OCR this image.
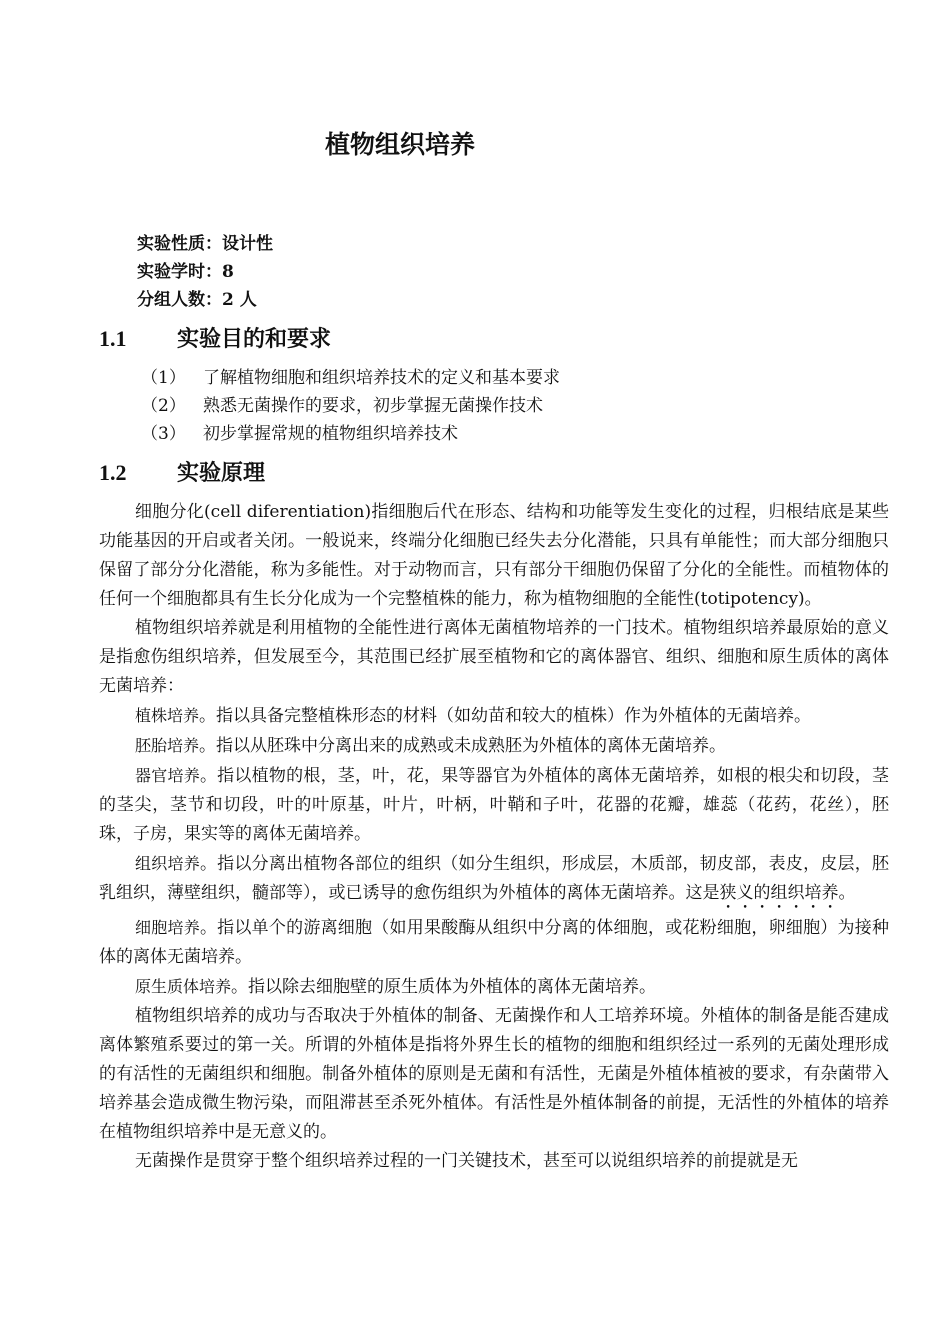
植物组织培养
实验性质：设计性
实验学时：8
分组人数：2 人
1.1 实验目的和要求
（1） 了解植物细胞和组织培养技术的定义和基本要求
（2） 熟悉无菌操作的要求，初步掌握无菌操作技术
（3） 初步掌握常规的植物组织培养技术
1.2 实验原理

细胞分化(cell diferentiation)指细胞后代在形态、结构和功能等发生变化的过程，归根结底是某些功能基因的开启或者关闭。一般说来，终端分化细胞已经失去分化潜能，只具有单能性；而大部分细胞只保留了部分分化潜能，称为多能性。对于动物而言，只有部分干细胞仍保留了分化的全能性。而植物体的任何一个细胞都具有生长分化成为一个完整植株的能力，称为植物细胞的全能性(totipotency)。

植物组织培养就是利用植物的全能性进行离体无菌植物培养的一门技术。植物组织培养最原始的意义是指愈伤组织培养，但发展至今，其范围已经扩展至植物和它的离体器官、组织、细胞和原生质体的离体无菌培养：

植株培养。指以具备完整植株形态的材料（如幼苗和较大的植株）作为外植体的无菌培养。

胚胎培养。指以从胚珠中分离出来的成熟或未成熟胚为外植体的离体无菌培养。

器官培养。指以植物的根，茎，叶，花，果等器官为外植体的离体无菌培养，如根的根尖和切段，茎的茎尖，茎节和切段，叶的叶原基，叶片，叶柄，叶鞘和子叶，花器的花瓣，雄蕊（花药，花丝），胚珠，子房，果实等的离体无菌培养。

组织培养。指以分离出植物各部位的组织（如分生组织，形成层，木质部，韧皮部，表皮，皮层，胚乳组织，薄壁组织，髓部等），或已诱导的愈伤组织为外植体的离体无菌培养。这是狭义的组织培养。

细胞培养。指以单个的游离细胞（如用果酸酶从组织中分离的体细胞，或花粉细胞，卵细胞）为接种体的离体无菌培养。

原生质体培养。指以除去细胞壁的原生质体为外植体的离体无菌培养。

植物组织培养的成功与否取决于外植体的制备、无菌操作和人工培养环境。外植体的制备是能否建成离体繁殖系要过的第一关。所谓的外植体是指将外界生长的植物的细胞和组织经过一系列的无菌处理形成的有活性的无菌组织和细胞。制备外植体的原则是无菌和有活性，无菌是外植体植被的要求，有杂菌带入培养基会造成微生物污染，而阻滞甚至杀死外植体。有活性是外植体制备的前提，无活性的外植体的培养在植物组织培养中是无意义的。

无菌操作是贯穿于整个组织培养过程的一门关键技术，甚至可以说组织培养的前提就是无
